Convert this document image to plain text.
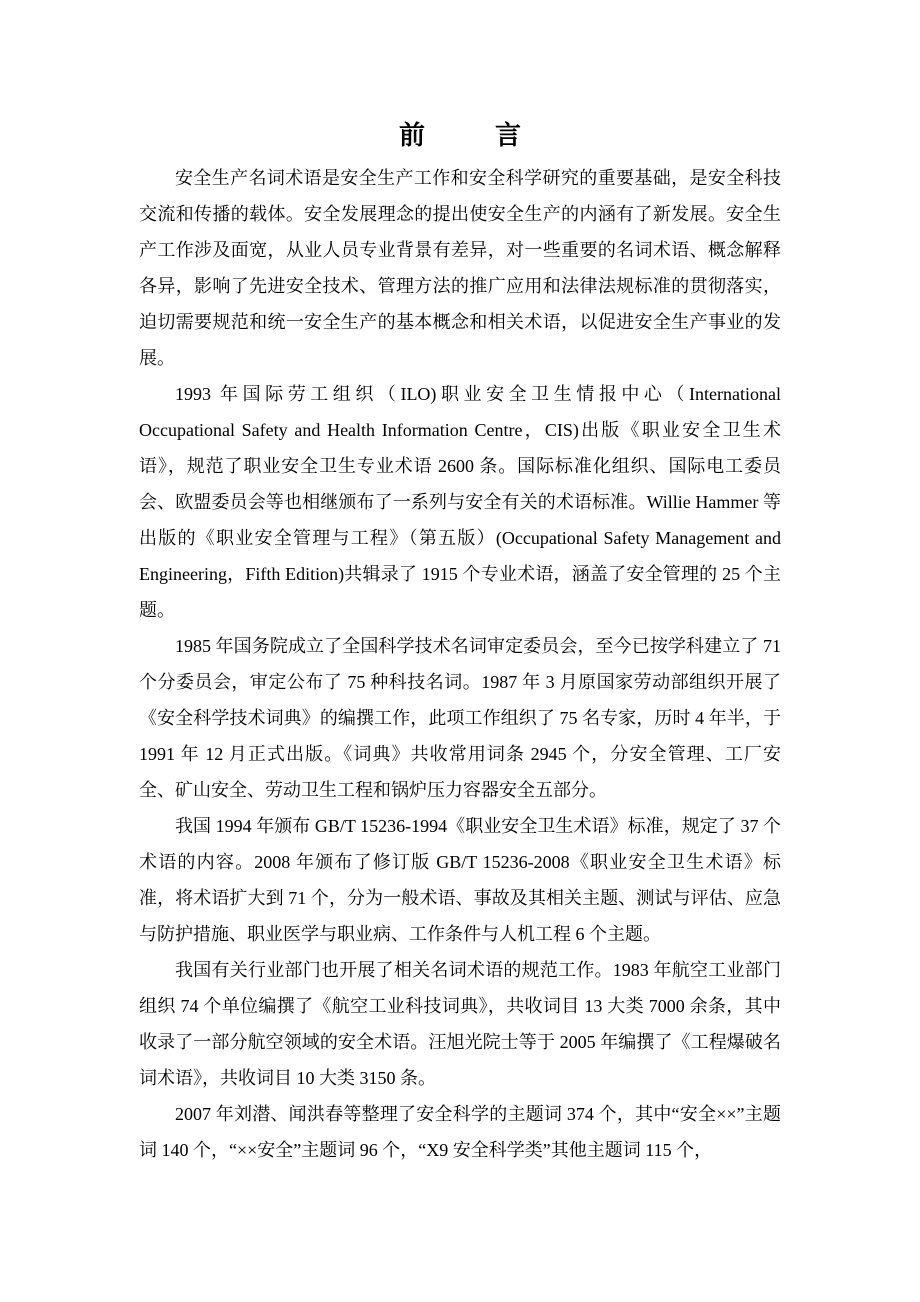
前　言

安全生产名词术语是安全生产工作和安全科学研究的重要基础，是安全科技交流和传播的载体。安全发展理念的提出使安全生产的内涵有了新发展。安全生产工作涉及面宽，从业人员专业背景有差异，对一些重要的名词术语、概念解释各异，影响了先进安全技术、管理方法的推广应用和法律法规标准的贯彻落实，迫切需要规范和统一安全生产的基本概念和相关术语，以促进安全生产事业的发展。

1993 年国际劳工组织（ILO)职业安全卫生情报中心（International Occupational Safety and Health Information Centre，CIS)出版《职业安全卫生术语》，规范了职业安全卫生专业术语 2600 条。国际标准化组织、国际电工委员会、欧盟委员会等也相继颁布了一系列与安全有关的术语标准。Willie Hammer 等出版的《职业安全管理与工程》（第五版）(Occupational Safety Management and Engineering，Fifth Edition)共辑录了 1915 个专业术语，涵盖了安全管理的 25 个主题。

1985 年国务院成立了全国科学技术名词审定委员会，至今已按学科建立了 71 个分委员会，审定公布了 75 种科技名词。1987 年 3 月原国家劳动部组织开展了《安全科学技术词典》的编撰工作，此项工作组织了 75 名专家，历时 4 年半，于 1991 年 12 月正式出版。《词典》共收常用词条 2945 个，分安全管理、工厂安全、矿山安全、劳动卫生工程和锅炉压力容器安全五部分。

我国 1994 年颁布 GB/T 15236-1994《职业安全卫生术语》标准，规定了 37 个术语的内容。2008 年颁布了修订版 GB/T 15236-2008《职业安全卫生术语》标准，将术语扩大到 71 个，分为一般术语、事故及其相关主题、测试与评估、应急与防护措施、职业医学与职业病、工作条件与人机工程 6 个主题。

我国有关行业部门也开展了相关名词术语的规范工作。1983 年航空工业部门组织 74 个单位编撰了《航空工业科技词典》，共收词目 13 大类 7000 余条，其中收录了一部分航空领域的安全术语。汪旭光院士等于 2005 年编撰了《工程爆破名词术语》，共收词目 10 大类 3150 条。

2007 年刘潜、闻洪春等整理了安全科学的主题词 374 个，其中“安全××”主题词 140 个，“××安全”主题词 96 个，“X9 安全科学类”其他主题词 115 个，
